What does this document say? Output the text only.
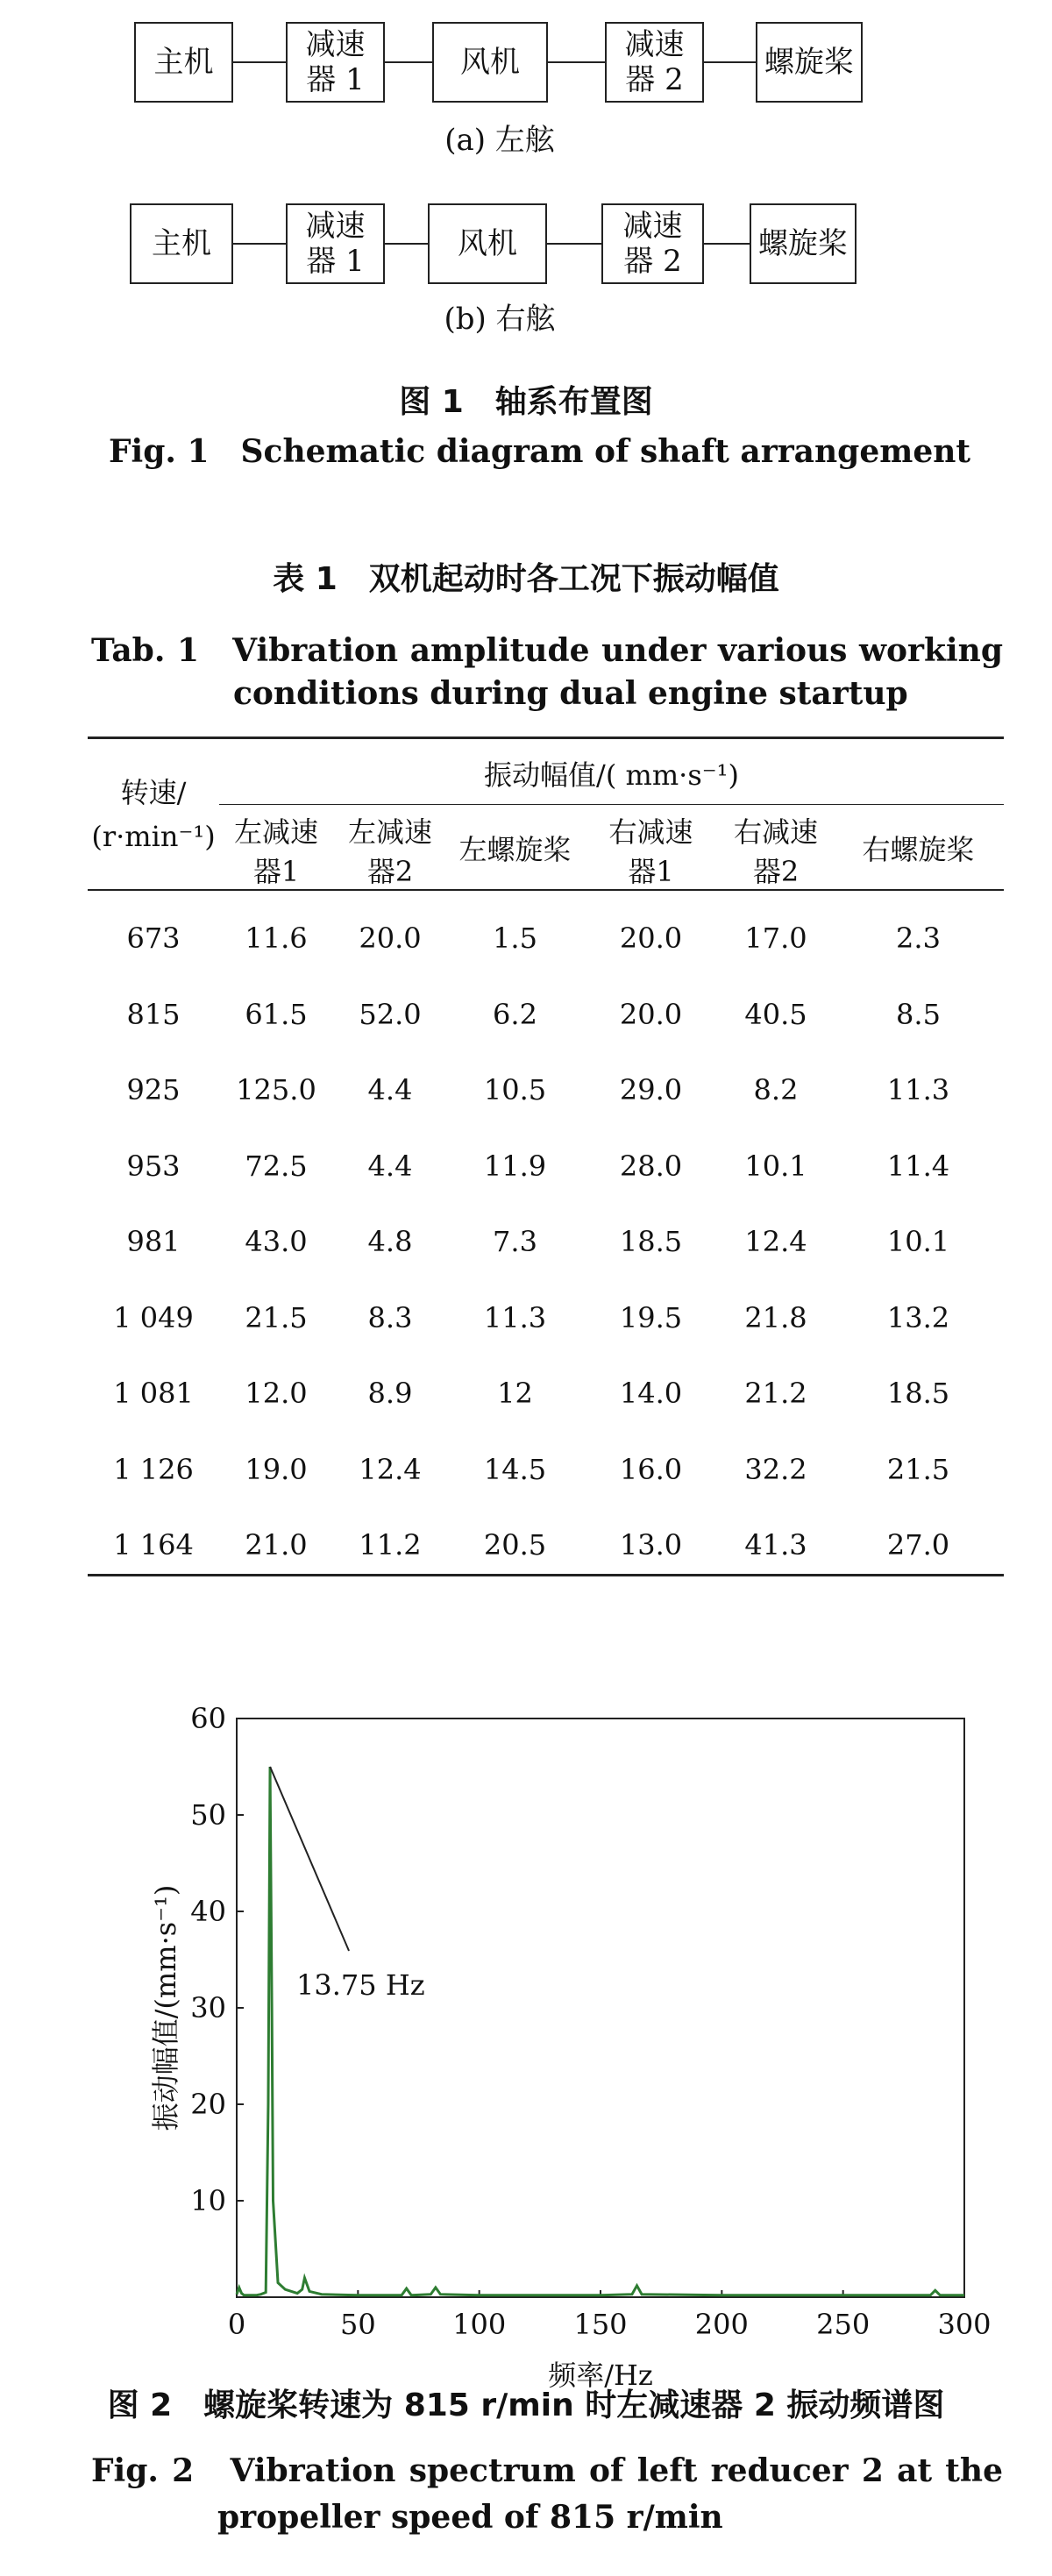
主机	减速器 1	风机	减速器 2	螺旋桨
(a) 左舷
主机	减速器 1	风机	减速器 2	螺旋桨
(b) 右舷
图 1　轴系布置图
Fig. 1　Schematic diagram of shaft arrangement
表 1　双机起动时各工况下振动幅值
Tab. 1　Vibration amplitude under various working
conditions during dual engine startup
转速/
(r·min⁻¹)
振动幅值/( mm·s⁻¹)
左减速
器1
左减速
器2
左螺旋桨
右减速
器1
右减速
器2
右螺旋桨
673	11.6	20.0	1.5	20.0	17.0	2.3
815	61.5	52.0	6.2	20.0	40.5	8.5
925	125.0	4.4	10.5	29.0	8.2	11.3
953	72.5	4.4	11.9	28.0	10.1	11.4
981	43.0	4.8	7.3	18.5	12.4	10.1
1 049	21.5	8.3	11.3	19.5	21.8	13.2
1 081	12.0	8.9	12	14.0	21.2	18.5
1 126	19.0	12.4	14.5	16.0	32.2	21.5
1 164	21.0	11.2	20.5	13.0	41.3	27.0
0	50	100 150 200 250 300
10
20
30
40
50
60
频率/Hz
振动幅值/(mm·s⁻¹)	13.75 Hz
图 2　螺旋桨转速为 815 r/min 时左减速器 2 振动频谱图
Fig. 2　Vibration spectrum of left reducer 2 at the
propeller speed of 815 r/min
